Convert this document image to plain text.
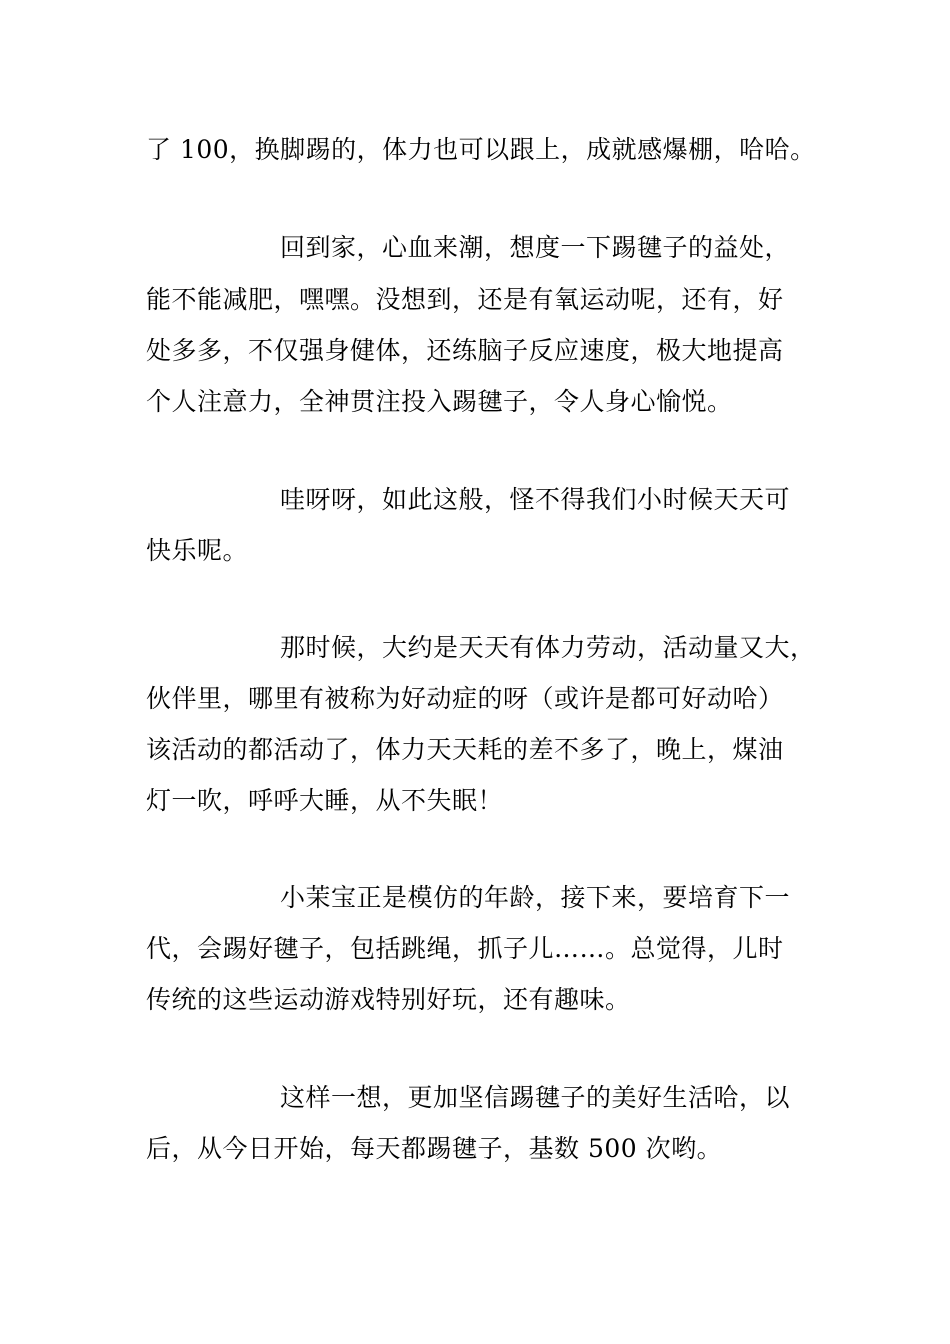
了 100，换脚踢的，体力也可以跟上，成就感爆棚，哈哈。
回到家，心血来潮，想度一下踢毽子的益处，
能不能减肥，嘿嘿。没想到，还是有氧运动呢，还有，好
处多多，不仅强身健体，还练脑子反应速度，极大地提高
个人注意力，全神贯注投入踢毽子，令人身心愉悦。
哇呀呀，如此这般，怪不得我们小时候天天可
快乐呢。
那时候，大约是天天有体力劳动，活动量又大，
伙伴里，哪里有被称为好动症的呀（或许是都可好动哈）
该活动的都活动了，体力天天耗的差不多了，晚上，煤油
灯一吹，呼呼大睡，从不失眠！
小茉宝正是模仿的年龄，接下来，要培育下一
代，会踢好毽子，包括跳绳，抓子儿……。总觉得，儿时
传统的这些运动游戏特别好玩，还有趣味。
这样一想，更加坚信踢毽子的美好生活哈，以
后，从今日开始，每天都踢毽子，基数 500 次哟。
